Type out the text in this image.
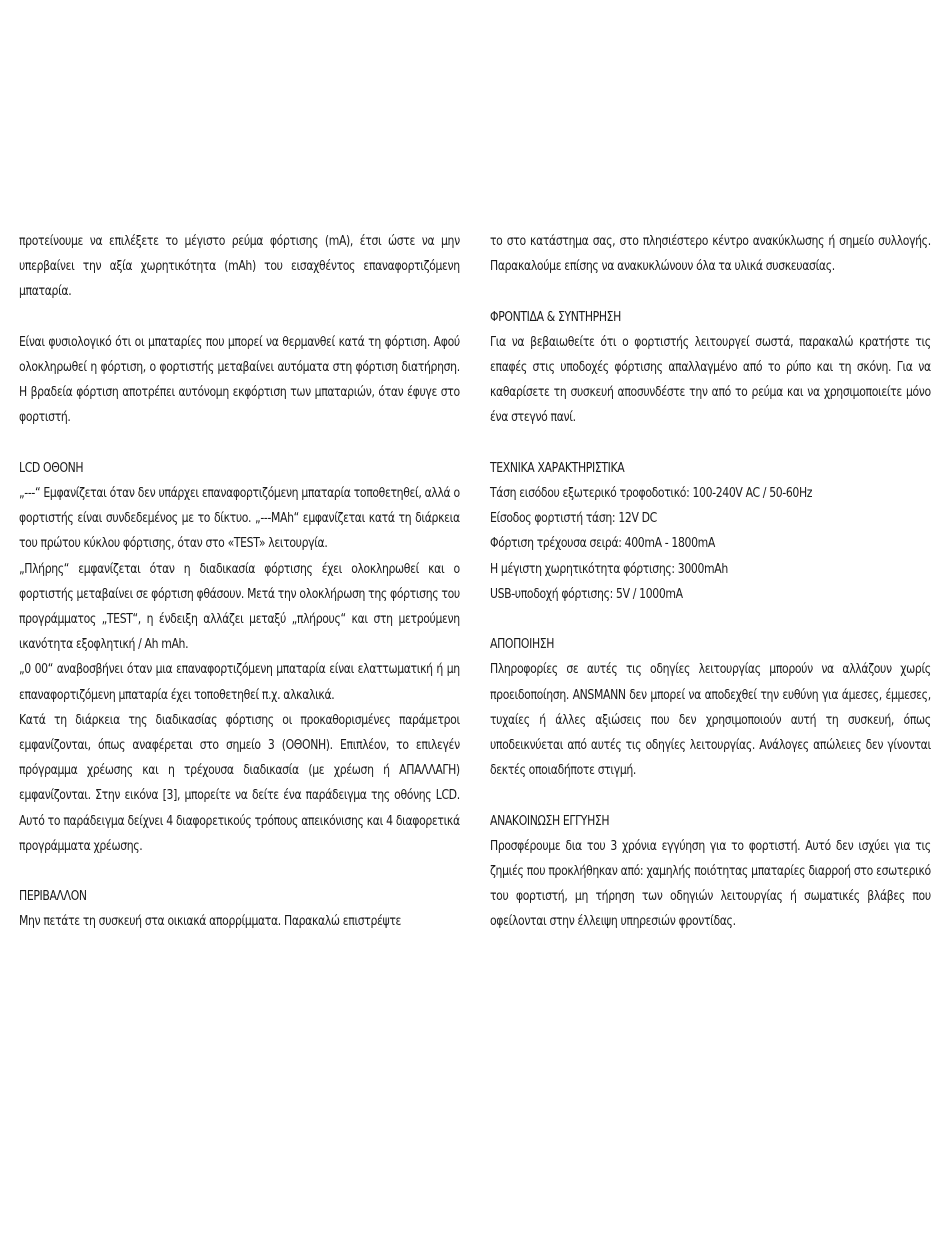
προτείνουμε να επιλέξετε το μέγιστο ρεύμα φόρτισης (mA), έτσι ώστε να μην υπερβαίνει την αξία χωρητικότητα (mAh) του εισαχθέντος επαναφορτιζόμενη μπαταρία.

Είναι φυσιολογικό ότι οι μπαταρίες που μπορεί να θερμανθεί κατά τη φόρτιση. Αφού ολοκληρωθεί η φόρτιση, ο φορτιστής μεταβαίνει αυτόματα στη φόρτιση διατήρηση. Η βραδεία φόρτιση αποτρέπει αυτόνομη εκφόρτιση των μπαταριών, όταν έφυγε στο φορτιστή.

LCD ΟΘΟΝΗ

„---“ Εμφανίζεται όταν δεν υπάρχει επαναφορτιζόμενη μπαταρία τοποθετηθεί, αλλά ο φορτιστής είναι συνδεδεμένος με το δίκτυο. „---MAh“ εμφανίζεται κατά τη διάρκεια του πρώτου κύκλου φόρτισης, όταν στο «TEST» λειτουργία.

„Πλήρης“ εμφανίζεται όταν η διαδικασία φόρτισης έχει ολοκληρωθεί και ο φορτιστής μεταβαίνει σε φόρτιση φθάσουν. Μετά την ολοκλήρωση της φόρτισης του προγράμματος „TEST“, η ένδειξη αλλάζει μεταξύ „πλήρους“ και στη μετρούμενη ικανότητα εξοφλητική / Ah mAh.

„0 00“ αναβοσβήνει όταν μια επαναφορτιζόμενη μπαταρία είναι ελαττωματική ή μη επαναφορτιζόμενη μπαταρία έχει τοποθετηθεί π.χ. αλκαλικά.

Κατά τη διάρκεια της διαδικασίας φόρτισης οι προκαθορισμένες παράμετροι εμφανίζονται, όπως αναφέρεται στο σημείο 3 (ΟΘΟΝΗ). Επιπλέον, το επιλεγέν πρόγραμμα χρέωσης και η τρέχουσα διαδικασία (με χρέωση ή ΑΠΑΛΛΑΓΗ) εμφανίζονται. Στην εικόνα [3], μπορείτε να δείτε ένα παράδειγμα της οθόνης LCD. Αυτό το παράδειγμα δείχνει 4 διαφορετικούς τρόπους απεικόνισης και 4 διαφορετικά προγράμματα χρέωσης.

ΠΕΡΙΒΑΛΛΟΝ

Μην πετάτε τη συσκευή στα οικιακά απορρίμματα. Παρακαλώ επιστρέψτε

το στο κατάστημα σας, στο πλησιέστερο κέντρο ανακύκλωσης ή σημείο συλλογής. Παρακαλούμε επίσης να ανακυκλώνουν όλα τα υλικά συσκευασίας.

ΦΡΟΝΤΙΔΑ & ΣΥΝΤΗΡΗΣΗ

Για να βεβαιωθείτε ότι ο φορτιστής λειτουργεί σωστά, παρακαλώ κρατήστε τις επαφές στις υποδοχές φόρτισης απαλλαγμένο από το ρύπο και τη σκόνη. Για να καθαρίσετε τη συσκευή αποσυνδέστε την από το ρεύμα και να χρησιμοποιείτε μόνο ένα στεγνό πανί.

ΤΕΧΝΙΚΑ ΧΑΡΑΚΤΗΡΙΣΤΙΚΑ
Τάση εισόδου εξωτερικό τροφοδοτικό: 100-240V AC / 50-60Hz
Είσοδος φορτιστή τάση: 12V DC
Φόρτιση τρέχουσα σειρά: 400mA - 1800mA
Η μέγιστη χωρητικότητα φόρτισης: 3000mAh
USB-υποδοχή φόρτισης: 5V / 1000mA
ΑΠΟΠΟΙΗΣΗ

Πληροφορίες σε αυτές τις οδηγίες λειτουργίας μπορούν να αλλάζουν χωρίς προειδοποίηση. ANSMANN δεν μπορεί να αποδεχθεί την ευθύνη για άμεσες, έμμεσες, τυχαίες ή άλλες αξιώσεις που δεν χρησιμοποιούν αυτή τη συσκευή, όπως υποδεικνύεται από αυτές τις οδηγίες λειτουργίας. Ανάλογες απώλειες δεν γίνονται δεκτές οποιαδήποτε στιγμή.

ΑΝΑΚΟΙΝΩΣΗ ΕΓΓΥΗΣΗ

Προσφέρουμε δια του 3 χρόνια εγγύηση για το φορτιστή. Αυτό δεν ισχύει για τις ζημιές που προκλήθηκαν από: χαμηλής ποιότητας μπαταρίες διαρροή στο εσωτερικό του φορτιστή, μη τήρηση των οδηγιών λειτουργίας ή σωματικές βλάβες που οφείλονται στην έλλειψη υπηρεσιών φροντίδας.
